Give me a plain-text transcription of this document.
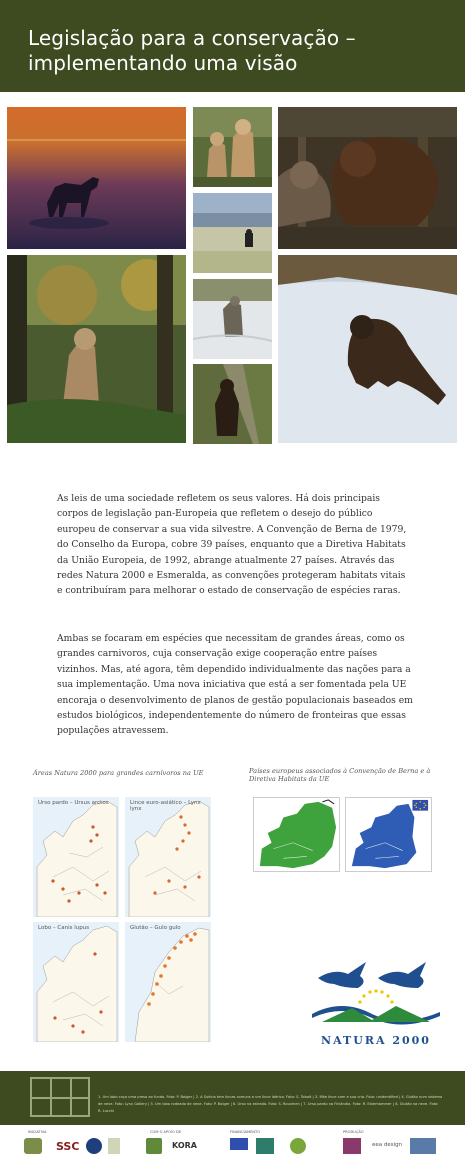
Legislação para a conservação –
implementando uma visão

As leis de uma sociedade refletem os seus valores. Há dois principais corpos de legislação pan-Europeia que refletem o desejo do público europeu de conservar a sua vida silvestre. A Convenção de Berna de 1979, do Conselho da Europa, cobre 39 países, enquanto que a Diretiva Habitats da União Europeia, de 1992, abrange atualmente 27 países. Através das redes Natura 2000 e Esmeralda, as convenções protegeram habitats vitais e contribuíram para melhorar o estado de conservação de espécies raras.

Ambas se focaram em espécies que necessitam de grandes áreas, como os grandes carnivoros, cuja conservação exige cooperação entre países vizinhos. Mas, até agora, têm dependido individualmente das nações para a sua implementação. Uma nova iniciativa que está a ser fomentada pela UE encoraja o desenvolvimento de planos de gestão populacionais baseados em estudos biológicos, independentemente do número de fronteiras que essas populações atravessem.

Áreas Natura 2000 para grandes carnívoros na UE
Urso pardo – Ursus arctos	Lince euro-asiático – Lynx lynx
Lobo – Canis lupus	Glutão – Gulo gulo
Países europeus associados à Convenção de Berna e à Diretiva Habitats da UE
NATURA 2000

1. Um lobo caça uma presa ao fundo. Foto: P. Bolger | 2. A Suécia tem lincas comuns e um lince ibérico. Foto: S. Tobolt | 3. Mãe lince com a sua cria. Foto: unidentified | 4. Glutão num sistema de neve. Foto: Lynx Gallery | 5. Um lobo rodeado de neve. Foto: P. Bolger | 6. Urso na estrada. Foto: S. Rouvinen | 7. Urso pardo na Finlândia. Foto: R. Esterhammer | 8. Glutão na neve. Foto: R. Lucchi

INICIATIVA	COM O APOIO DE	FINANCIAMENTO	PRODUÇÃO
SSC	KORA	eea design
